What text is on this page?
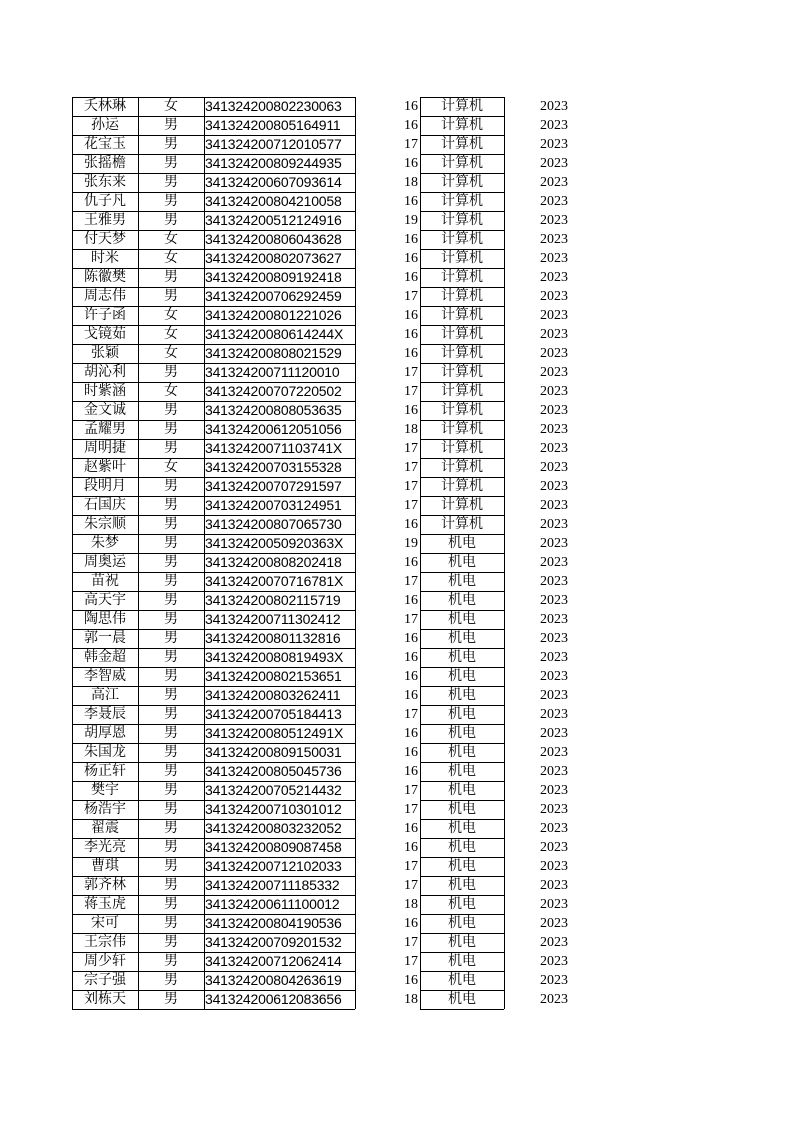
夭林琳	女	341324200802230063	16	计算机	2023
孙运	男	341324200805164911	16	计算机	2023
花宝玉	男	341324200712010577	17	计算机	2023
张摇檐	男	341324200809244935	16	计算机	2023
张东来	男	341324200607093614	18	计算机	2023
仇子凡	男	341324200804210058	16	计算机	2023
王雅男	男	341324200512124916	19	计算机	2023
付天梦	女	341324200806043628	16	计算机	2023
时米	女	341324200802073627	16	计算机	2023
陈徽樊	男	341324200809192418	16	计算机	2023
周志伟	男	341324200706292459	17	计算机	2023
许子函	女	341324200801221026	16	计算机	2023
戈镜茹	女	34132420080614244X	16	计算机	2023
张颖	女	341324200808021529	16	计算机	2023
胡沁利	男	341324200711120010	17	计算机	2023
时紫涵	女	341324200707220502	17	计算机	2023
金文诚	男	341324200808053635	16	计算机	2023
孟耀男	男	341324200612051056	18	计算机	2023
周明捷	男	34132420071103741X	17	计算机	2023
赵紫叶	女	341324200703155328	17	计算机	2023
段明月	男	341324200707291597	17	计算机	2023
石国庆	男	341324200703124951	17	计算机	2023
朱宗顺	男	341324200807065730	16	计算机	2023
朱梦	男	34132420050920363X	19	机电	2023
周奥运	男	341324200808202418	16	机电	2023
苗祝	男	34132420070716781X	17	机电	2023
高天宇	男	341324200802115719	16	机电	2023
陶思伟	男	341324200711302412	17	机电	2023
郭一晨	男	341324200801132816	16	机电	2023
韩金超	男	34132420080819493X	16	机电	2023
李智威	男	341324200802153651	16	机电	2023
高江	男	341324200803262411	16	机电	2023
李聂辰	男	341324200705184413	17	机电	2023
胡厚恩	男	34132420080512491X	16	机电	2023
朱国龙	男	341324200809150031	16	机电	2023
杨正轩	男	341324200805045736	16	机电	2023
樊宇	男	341324200705214432	17	机电	2023
杨浩宇	男	341324200710301012	17	机电	2023
翟震	男	341324200803232052	16	机电	2023
李光亮	男	341324200809087458	16	机电	2023
曹琪	男	341324200712102033	17	机电	2023
郭齐林	男	341324200711185332	17	机电	2023
蒋玉虎	男	341324200611100012	18	机电	2023
宋可	男	341324200804190536	16	机电	2023
王宗伟	男	341324200709201532	17	机电	2023
周少轩	男	341324200712062414	17	机电	2023
宗子强	男	341324200804263619	16	机电	2023
刘栋天	男	341324200612083656	18	机电	2023
